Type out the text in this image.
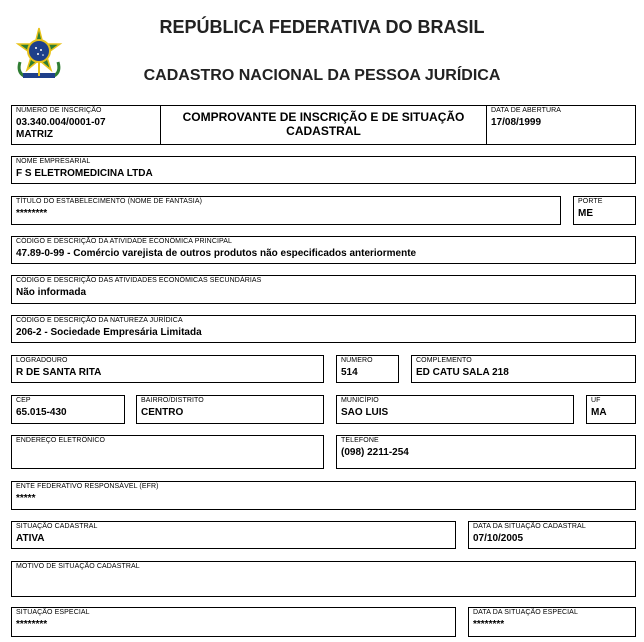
REPÚBLICA FEDERATIVA DO BRASIL
CADASTRO NACIONAL DA PESSOA JURÍDICA
NÚMERO DE INSCRIÇÃO
03.340.004/0001-07
MATRIZ
COMPROVANTE DE INSCRIÇÃO E DE SITUAÇÃO
CADASTRAL
DATA DE ABERTURA
17/08/1999
NOME EMPRESARIAL
F S ELETROMEDICINA LTDA
TÍTULO DO ESTABELECIMENTO (NOME DE FANTASIA)
********
PORTE
ME
CÓDIGO E DESCRIÇÃO DA ATIVIDADE ECONÔMICA PRINCIPAL
47.89-0-99 - Comércio varejista de outros produtos não especificados anteriormente
CÓDIGO E DESCRIÇÃO DAS ATIVIDADES ECONÔMICAS SECUNDÁRIAS
Não informada
CÓDIGO E DESCRIÇÃO DA NATUREZA JURÍDICA
206-2 - Sociedade Empresária Limitada
LOGRADOURO
R DE SANTA RITA
NÚMERO
514
COMPLEMENTO
ED CATU SALA 218
CEP
65.015-430
BAIRRO/DISTRITO
CENTRO
MUNICÍPIO
SAO LUIS
UF
MA
ENDEREÇO ELETRÔNICO	TELEFONE
(098) 2211-254
ENTE FEDERATIVO RESPONSÁVEL (EFR)
*****
SITUAÇÃO CADASTRAL
ATIVA
DATA DA SITUAÇÃO CADASTRAL
07/10/2005
MOTIVO DE SITUAÇÃO CADASTRAL
SITUAÇÃO ESPECIAL
********
DATA DA SITUAÇÃO ESPECIAL
********
